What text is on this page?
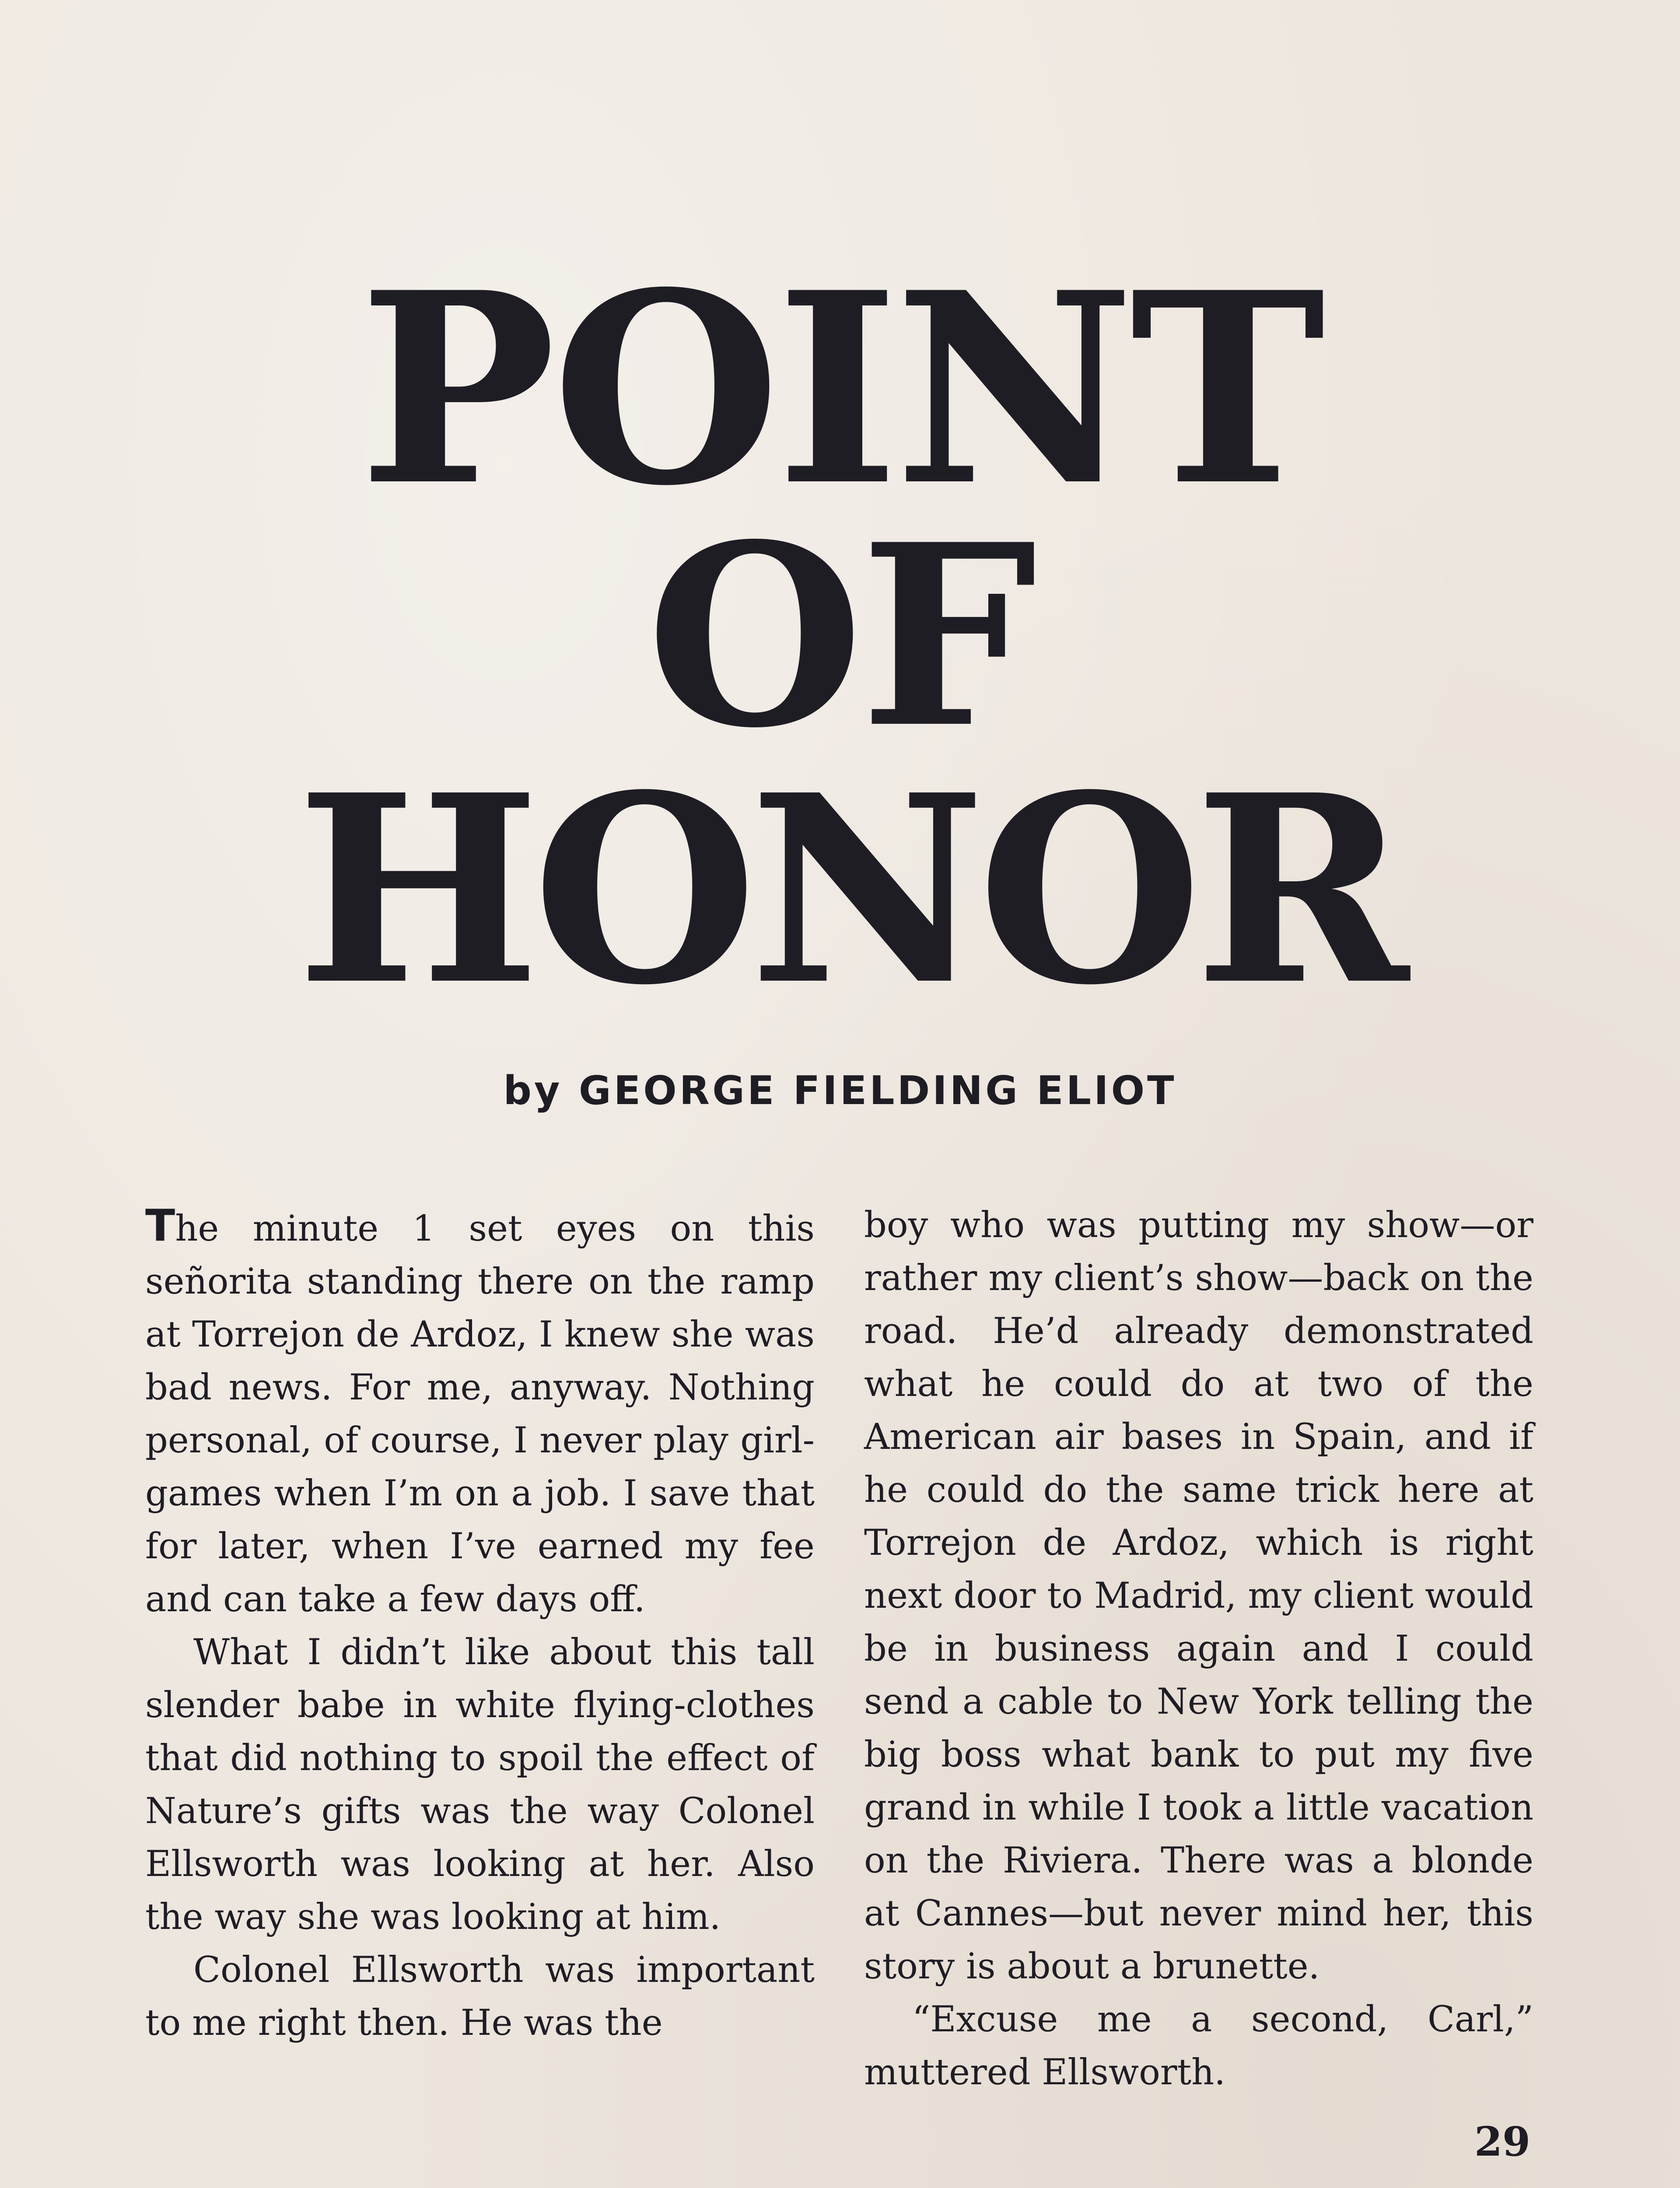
POINT
OF
HONOR
by GEORGE FIELDING ELIOT

The minute 1 set eyes on this señorita standing there on the ramp at Torrejon de Ardoz, I knew she was bad news. For me, anyway. Nothing personal, of course, I never play girl-games when I’m on a job. I save that for later, when I’ve earned my fee and can take a few days off.

What I didn’t like about this tall slender babe in white flying-clothes that did nothing to spoil the effect of Nature’s gifts was the way Colonel Ellsworth was looking at her. Also the way she was looking at him.

Colonel Ellsworth was important to me right then. He was the

boy who was putting my show—or rather my client’s show—back on the road. He’d already demonstrated what he could do at two of the American air bases in Spain, and if he could do the same trick here at Torrejon de Ardoz, which is right next door to Madrid, my client would be in business again and I could send a cable to New York telling the big boss what bank to put my five grand in while I took a little vacation on the Riviera. There was a blonde at Cannes—but never mind her, this story is about a brunette.

“Excuse me a second, Carl,” muttered Ellsworth.

29
